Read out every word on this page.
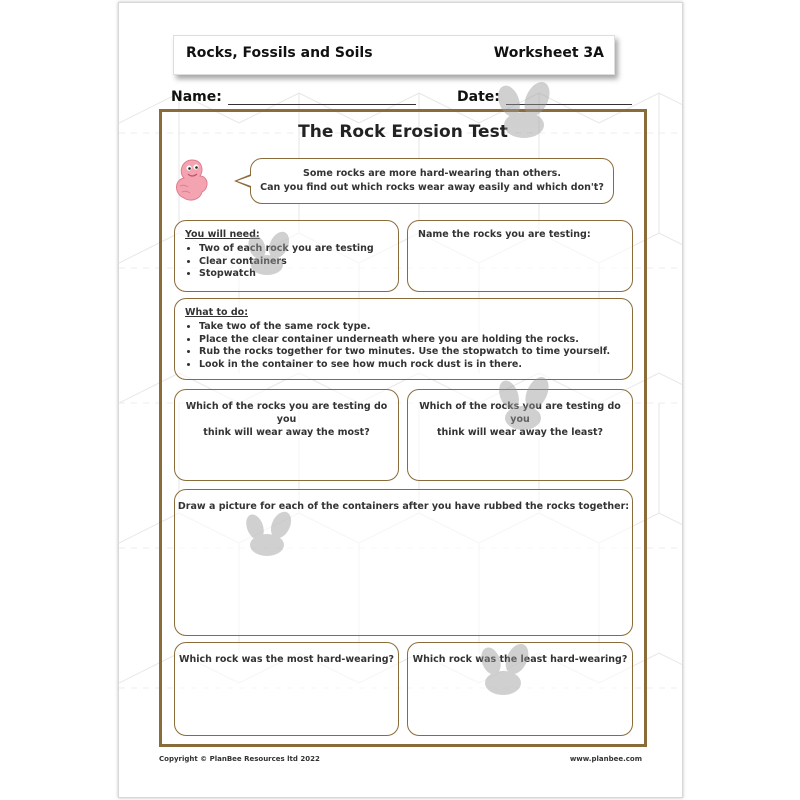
Rocks, Fossils and Soils	Worksheet 3A
Name:	Date:
The Rock Erosion Test
Some rocks are more hard-wearing than others.
Can you find out which rocks wear away easily and which don't?
You will need:
• Two of each rock you are testing
• Clear containers
• Stopwatch
Name the rocks you are testing:
What to do:
• Take two of the same rock type.
• Place the clear container underneath where you are holding the rocks.
• Rub the rocks together for two minutes. Use the stopwatch to time yourself.
• Look in the container to see how much rock dust is in there.
Which of the rocks you are testing do you
think will wear away the most?
Which of the rocks you are testing do you
think will wear away the least?
Draw a picture for each of the containers after you have rubbed the rocks together:
Which rock was the most hard-wearing?	Which rock was the least hard-wearing?
Copyright © PlanBee Resources ltd 2022	www.planbee.com
